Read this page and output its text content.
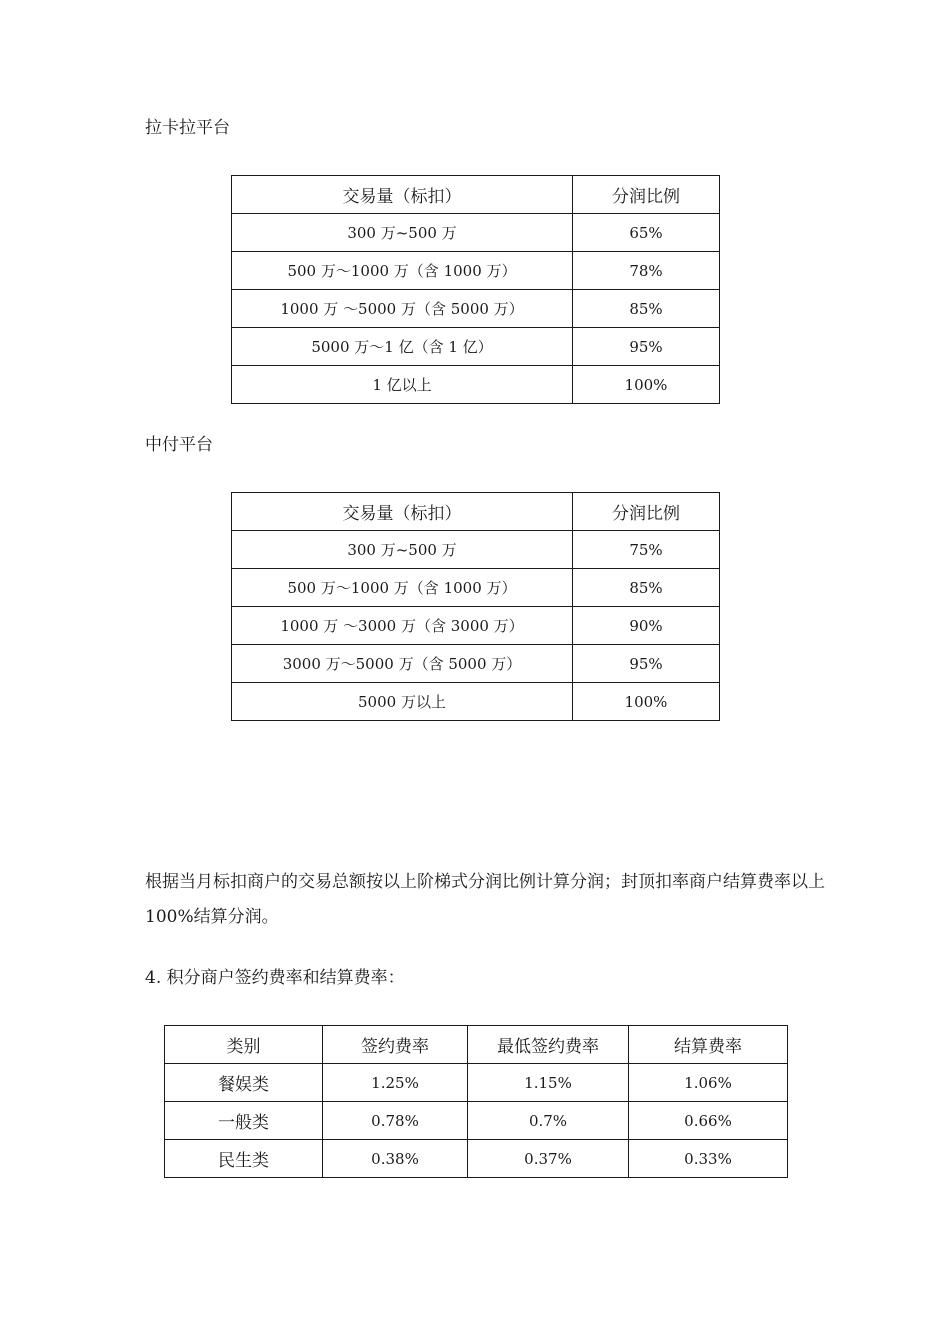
拉卡拉平台
交易量（标扣）	分润比例
300 万~500 万	65%
500 万～1000 万（含 1000 万）	78%
1000 万 ～5000 万（含 5000 万）	85%
5000 万～1 亿（含 1 亿）	95%
1 亿以上	100%
中付平台
交易量（标扣）	分润比例
300 万~500 万	75%
500 万～1000 万（含 1000 万）	85%
1000 万 ～3000 万（含 3000 万）	90%
3000 万～5000 万（含 5000 万）	95%
5000 万以上	100%
根据当月标扣商户的交易总额按以上阶梯式分润比例计算分润；封顶扣率商户结算费率以上 100%结算分润。
4. 积分商户签约费率和结算费率：
类别	签约费率	最低签约费率	结算费率
餐娱类	1.25%	1.15%	1.06%
一般类	0.78%	0.7%	0.66%
民生类	0.38%	0.37%	0.33%
